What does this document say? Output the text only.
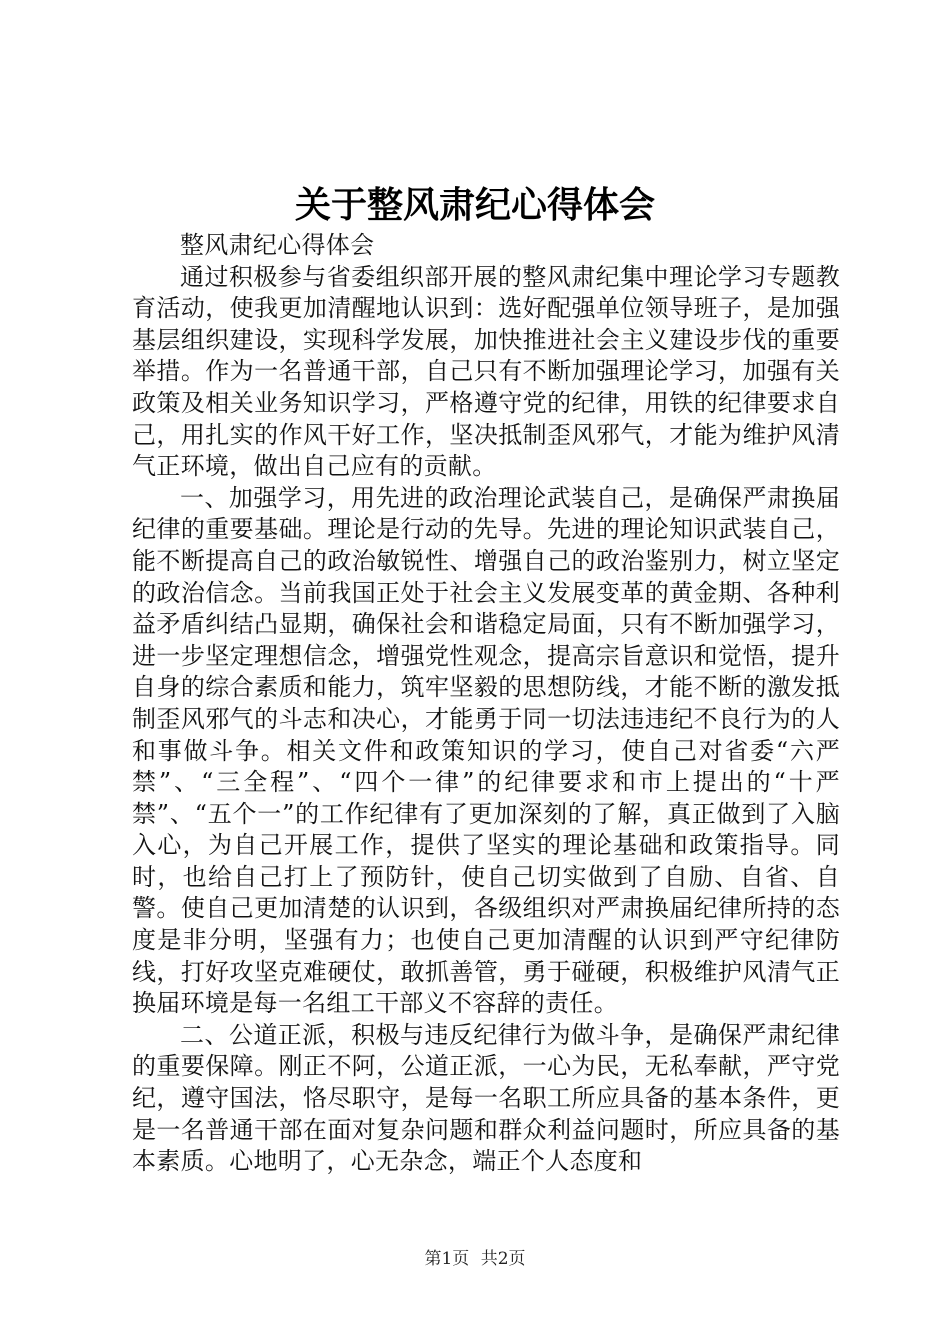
关于整风肃纪心得体会

整风肃纪心得体会

通过积极参与省委组织部开展的整风肃纪集中理论学习专题教育活动，使我更加清醒地认识到：选好配强单位领导班子，是加强基层组织建设，实现科学发展，加快推进社会主义建设步伐的重要举措。作为一名普通干部，自己只有不断加强理论学习，加强有关政策及相关业务知识学习，严格遵守党的纪律，用铁的纪律要求自己，用扎实的作风干好工作，坚决抵制歪风邪气，才能为维护风清气正环境，做出自己应有的贡献。

一、加强学习，用先进的政治理论武装自己，是确保严肃换届纪律的重要基础。理论是行动的先导。先进的理论知识武装自己，能不断提高自己的政治敏锐性、增强自己的政治鉴别力，树立坚定的政治信念。当前我国正处于社会主义发展变革的黄金期、各种利益矛盾纠结凸显期，确保社会和谐稳定局面，只有不断加强学习，进一步坚定理想信念，增强党性观念，提高宗旨意识和觉悟，提升自身的综合素质和能力，筑牢坚毅的思想防线，才能不断的激发抵制歪风邪气的斗志和决心，才能勇于同一切法违违纪不良行为的人和事做斗争。相关文件和政策知识的学习，使自己对省委“六严禁”、“三全程”、“四个一律”的纪律要求和市上提出的“十严禁”、“五个一”的工作纪律有了更加深刻的了解，真正做到了入脑入心，为自己开展工作，提供了坚实的理论基础和政策指导。同时，也给自己打上了预防针，使自己切实做到了自励、自省、自警。使自己更加清楚的认识到，各级组织对严肃换届纪律所持的态度是非分明，坚强有力；也使自己更加清醒的认识到严守纪律防线，打好攻坚克难硬仗，敢抓善管，勇于碰硬，积极维护风清气正换届环境是每一名组工干部义不容辞的责任。

二、公道正派，积极与违反纪律行为做斗争，是确保严肃纪律的重要保障。刚正不阿，公道正派，一心为民，无私奉献，严守党纪，遵守国法，恪尽职守，是每一名职工所应具备的基本条件，更是一名普通干部在面对复杂问题和群众利益问题时，所应具备的基本素质。心地明了，心无杂念，端正个人态度和

第1页 共2页
